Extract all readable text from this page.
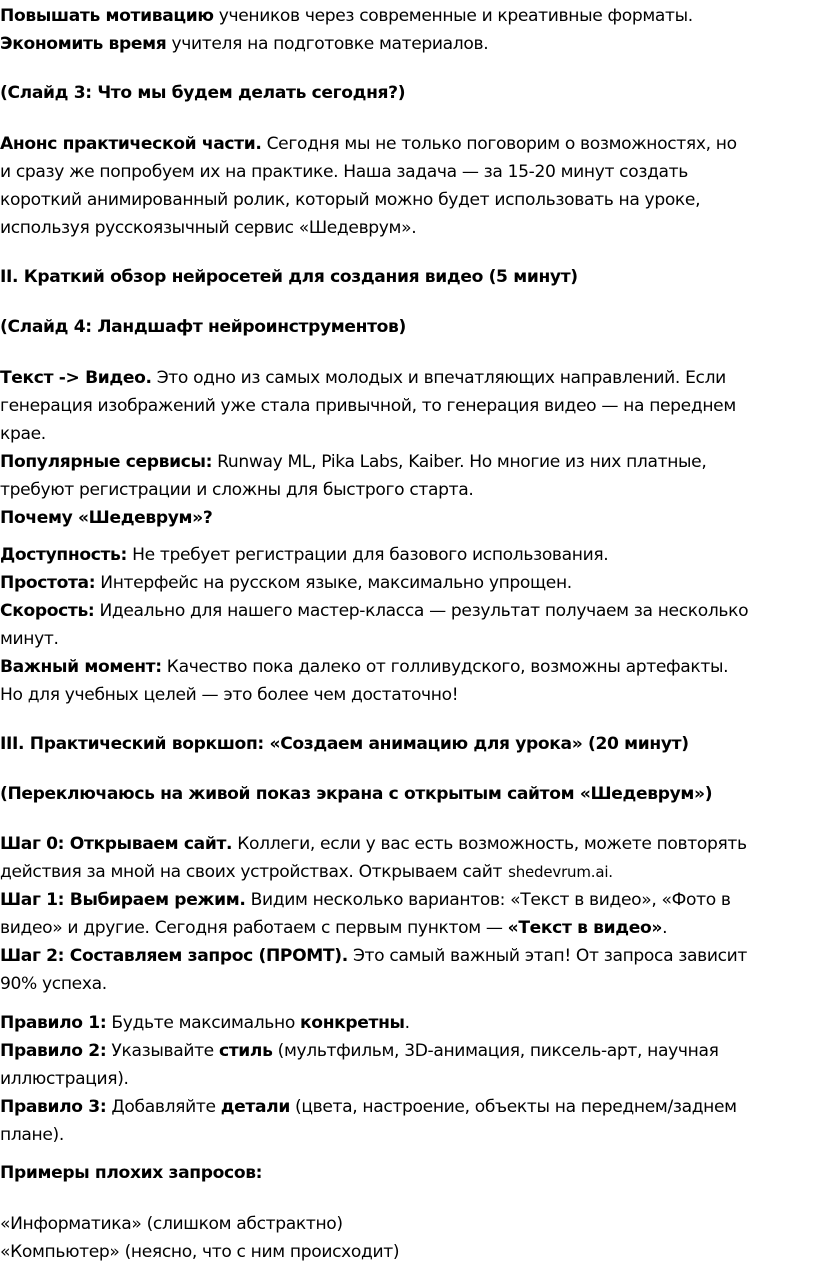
Повышать мотивацию учеников через современные и креативные форматы.
Экономить время учителя на подготовке материалов.
(Слайд 3: Что мы будем делать сегодня?)
Анонс практической части. Сегодня мы не только поговорим о возможностях, но
и сразу же попробуем их на практике. Наша задача — за 15-20 минут создать
короткий анимированный ролик, который можно будет использовать на уроке,
используя русскоязычный сервис «Шедеврум».
II. Краткий обзор нейросетей для создания видео (5 минут)
(Слайд 4: Ландшафт нейроинструментов)
Текст -> Видео. Это одно из самых молодых и впечатляющих направлений. Если
генерация изображений уже стала привычной, то генерация видео — на переднем
крае.
Популярные сервисы: Runway ML, Pika Labs, Kaiber. Но многие из них платные,
требуют регистрации и сложны для быстрого старта.
Почему «Шедеврум»?
Доступность: Не требует регистрации для базового использования.
Простота: Интерфейс на русском языке, максимально упрощен.
Скорость: Идеально для нашего мастер-класса — результат получаем за несколько
минут.
Важный момент: Качество пока далеко от голливудского, возможны артефакты.
Но для учебных целей — это более чем достаточно!
III. Практический воркшоп: «Создаем анимацию для урока» (20 минут)
(Переключаюсь на живой показ экрана с открытым сайтом «Шедеврум»)
Шаг 0: Открываем сайт. Коллеги, если у вас есть возможность, можете повторять
действия за мной на своих устройствах. Открываем сайт shedevrum.ai.
Шаг 1: Выбираем режим. Видим несколько вариантов: «Текст в видео», «Фото в
видео» и другие. Сегодня работаем с первым пунктом — «Текст в видео».
Шаг 2: Составляем запрос (ПРОМТ). Это самый важный этап! От запроса зависит
90% успеха.
Правило 1: Будьте максимально конкретны.
Правило 2: Указывайте стиль (мультфильм, 3D-анимация, пиксель-арт, научная
иллюстрация).
Правило 3: Добавляйте детали (цвета, настроение, объекты на переднем/заднем
плане).
Примеры плохих запросов:
«Информатика» (слишком абстрактно)
«Компьютер» (неясно, что с ним происходит)
